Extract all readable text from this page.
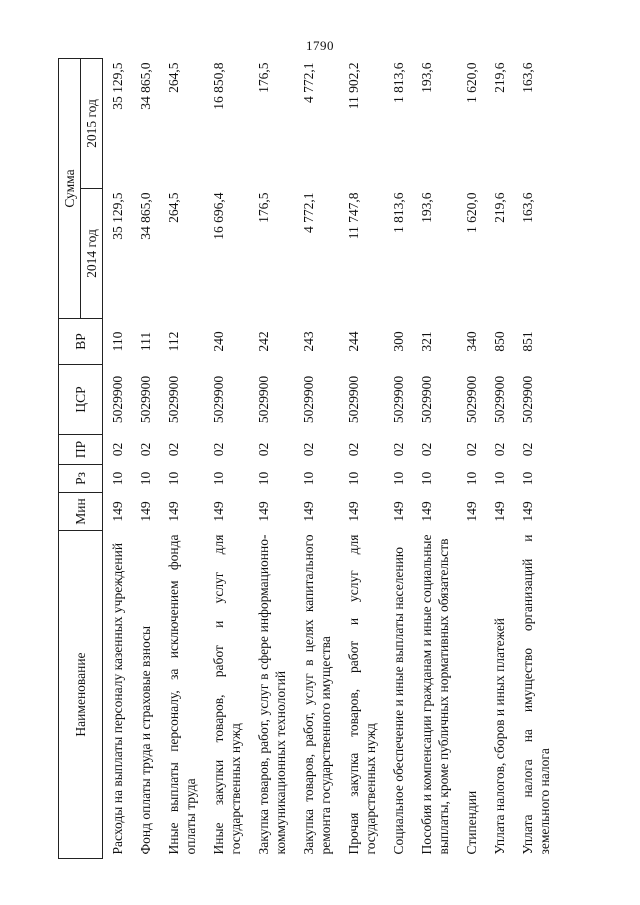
1790
Наименование	Мин	Рз	ПР	ЦСР	ВР	Сумма	
						2014 год	2015 год
Расходы на выплаты персоналу казенных учреждений	149	10	02	5029900	110	35 129,5	35 129,5
Фонд оплаты труда и страховые взносы	149	10	02	5029900	111	34 865,0	34 865,0
Иные выплаты персоналу, за исключением фонда оплаты труда	149	10	02	5029900	112	264,5	264,5
Иные закупки товаров, работ и услуг для государственных нужд	149	10	02	5029900	240	16 696,4	16 850,8
Закупка товаров, работ, услуг в сфере информационно-коммуникационных технологий	149	10	02	5029900	242	176,5	176,5
Закупка товаров, работ, услуг в целях капитального ремонта государственного имущества	149	10	02	5029900	243	4 772,1	4 772,1
Прочая закупка товаров, работ и услуг для государственных нужд	149	10	02	5029900	244	11 747,8	11 902,2
Социальное обеспечение и иные выплаты населению	149	10	02	5029900	300	1 813,6	1 813,6
Пособия и компенсации гражданам и иные социальные выплаты, кроме публичных нормативных обязательств	149	10	02	5029900	321	193,6	193,6
Стипендии	149	10	02	5029900	340	1 620,0	1 620,0
Уплата налогов, сборов и иных платежей	149	10	02	5029900	850	219,6	219,6
Уплата налога на имущество организаций и земельного налога	149	10	02	5029900	851	163,6	163,6
